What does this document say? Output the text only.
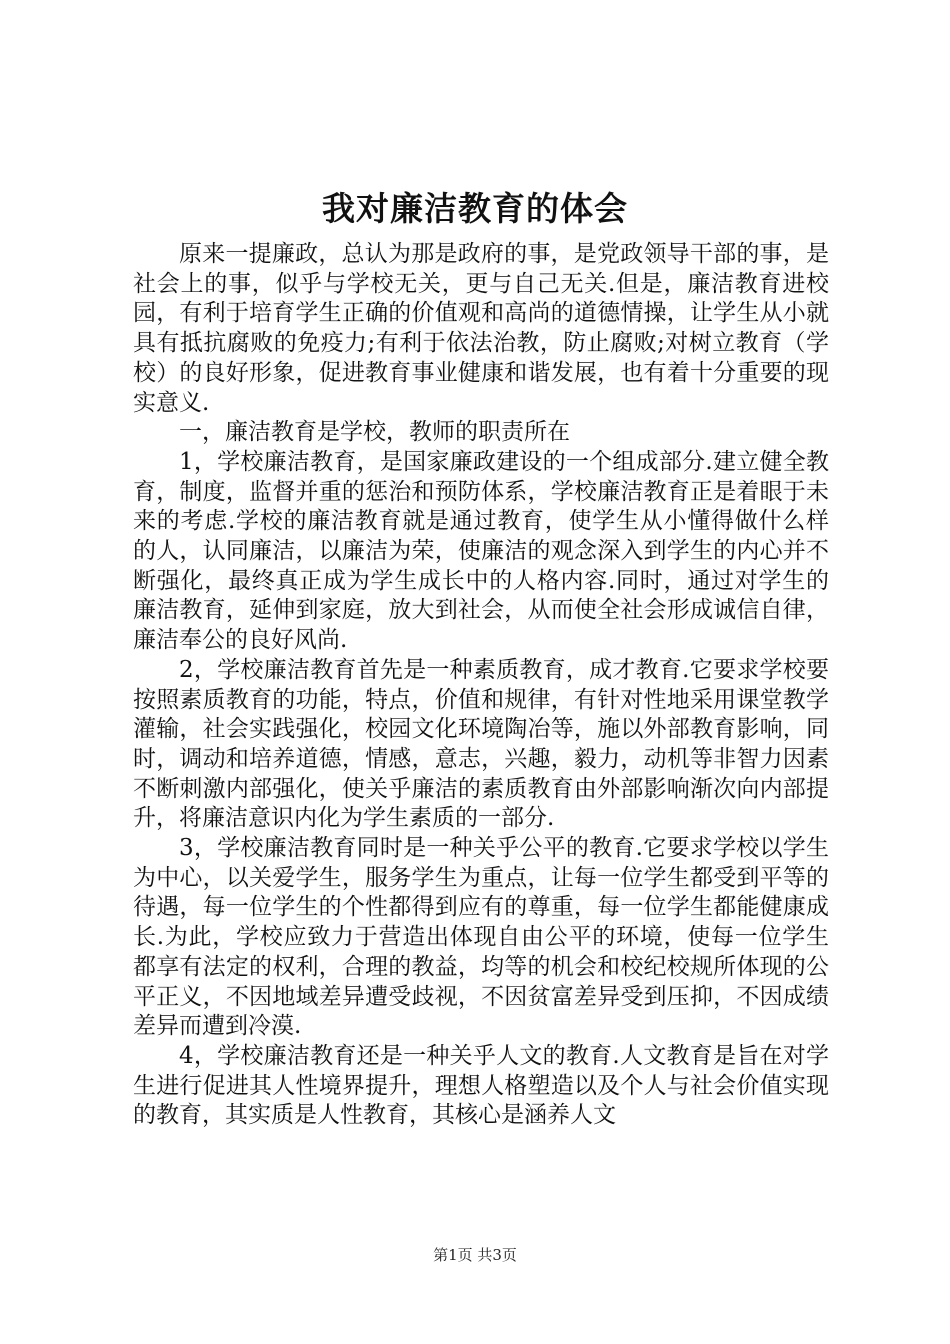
我对廉洁教育的体会

原来一提廉政，总认为那是政府的事，是党政领导干部的事，是社会上的事，似乎与学校无关，更与自己无关.但是，廉洁教育进校园，有利于培育学生正确的价值观和高尚的道德情操，让学生从小就具有抵抗腐败的免疫力;有利于依法治教，防止腐败;对树立教育（学校）的良好形象，促进教育事业健康和谐发展，也有着十分重要的现实意义.

一，廉洁教育是学校，教师的职责所在

1，学校廉洁教育，是国家廉政建设的一个组成部分.建立健全教育，制度，监督并重的惩治和预防体系，学校廉洁教育正是着眼于未来的考虑.学校的廉洁教育就是通过教育，使学生从小懂得做什么样的人，认同廉洁，以廉洁为荣，使廉洁的观念深入到学生的内心并不断强化，最终真正成为学生成长中的人格内容.同时，通过对学生的廉洁教育，延伸到家庭，放大到社会，从而使全社会形成诚信自律，廉洁奉公的良好风尚.

2，学校廉洁教育首先是一种素质教育，成才教育.它要求学校要按照素质教育的功能，特点，价值和规律，有针对性地采用课堂教学灌输，社会实践强化，校园文化环境陶冶等，施以外部教育影响，同时，调动和培养道德，情感，意志，兴趣，毅力，动机等非智力因素不断刺激内部强化，使关乎廉洁的素质教育由外部影响渐次向内部提升，将廉洁意识内化为学生素质的一部分.

3，学校廉洁教育同时是一种关乎公平的教育.它要求学校以学生为中心，以关爱学生，服务学生为重点，让每一位学生都受到平等的待遇，每一位学生的个性都得到应有的尊重，每一位学生都能健康成长.为此，学校应致力于营造出体现自由公平的环境，使每一位学生都享有法定的权利，合理的教益，均等的机会和校纪校规所体现的公平正义，不因地域差异遭受歧视，不因贫富差异受到压抑，不因成绩差异而遭到冷漠.

4，学校廉洁教育还是一种关乎人文的教育.人文教育是旨在对学生进行促进其人性境界提升，理想人格塑造以及个人与社会价值实现的教育，其实质是人性教育，其核心是涵养人文

第1页 共3页
